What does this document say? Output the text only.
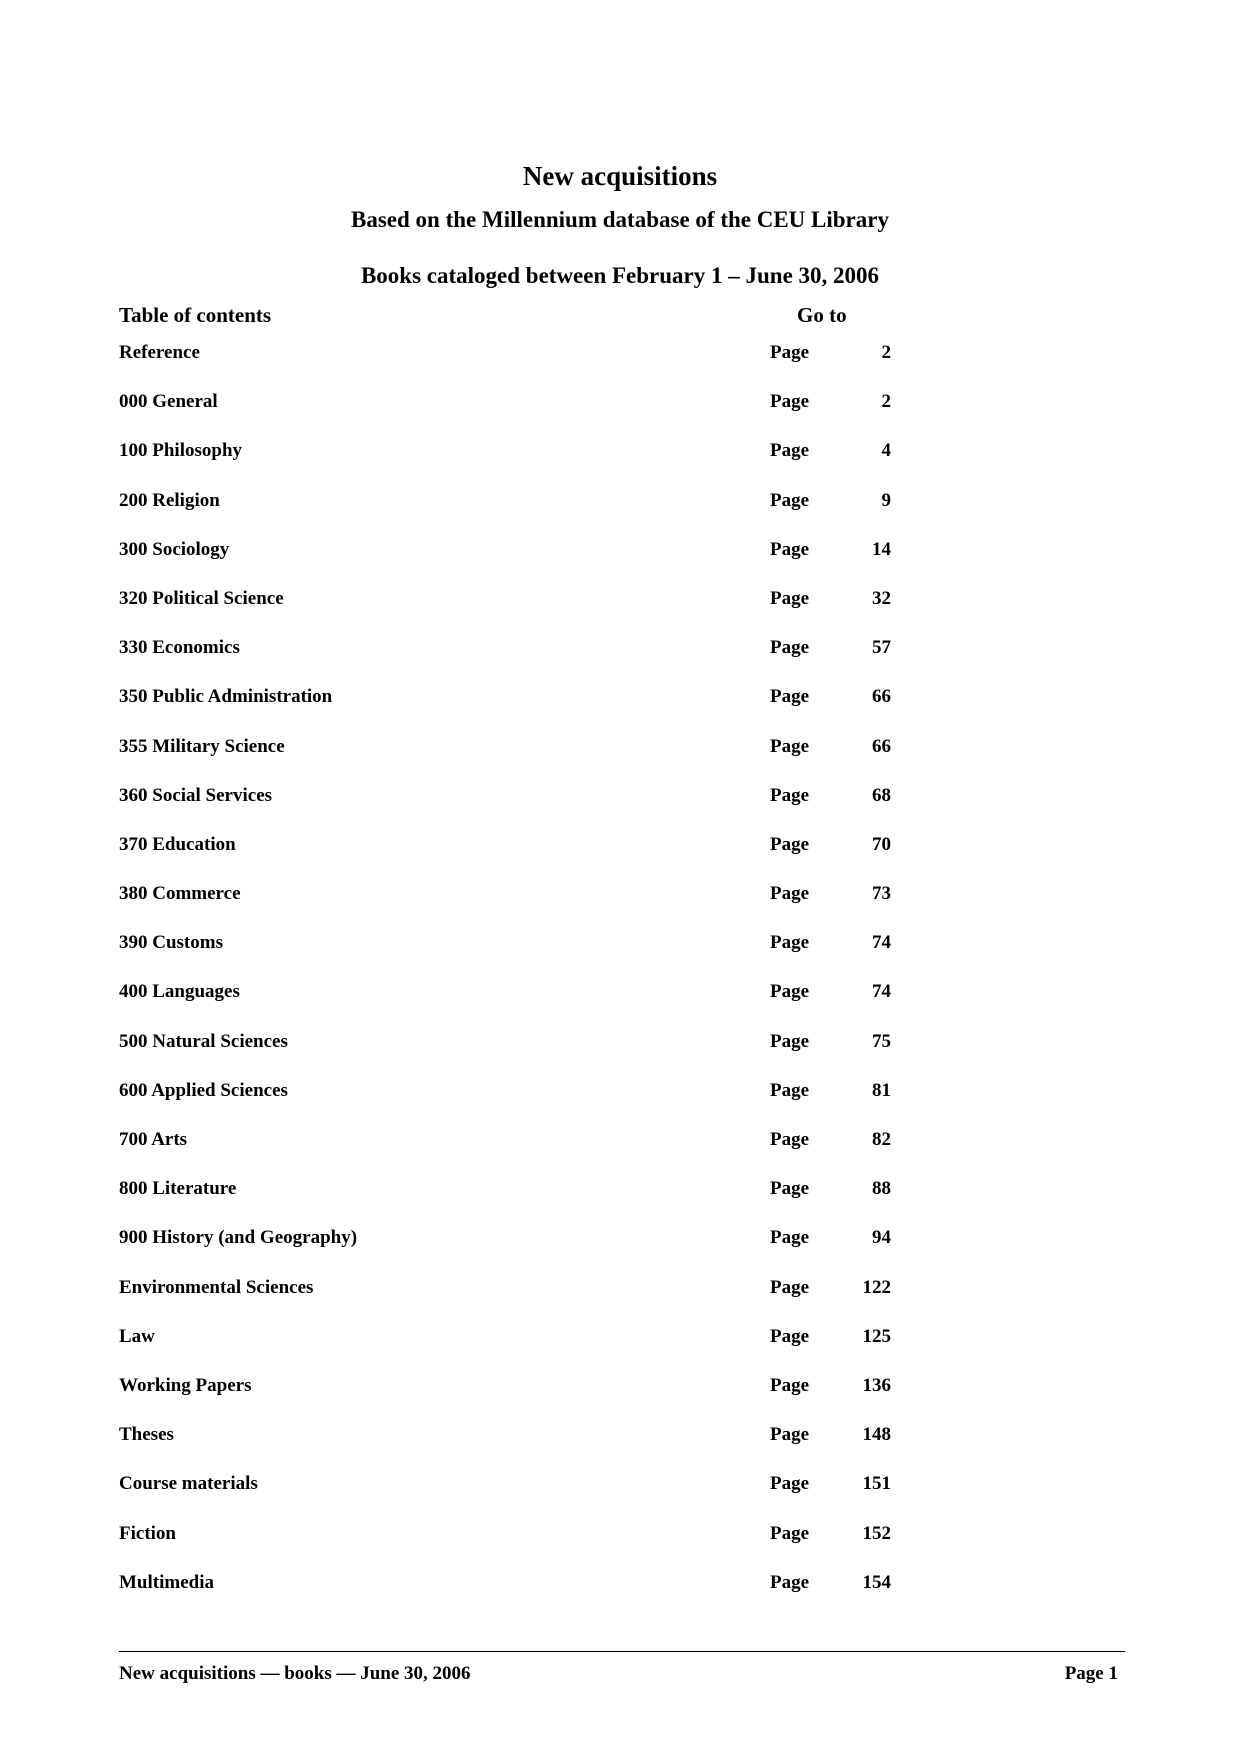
New acquisitions
Based on the Millennium database of the CEU Library
Books cataloged between February 1 – June 30, 2006
Table of contents	Go to
Reference	Page	2
000 General	Page	2
100 Philosophy	Page	4
200 Religion	Page	9
300 Sociology	Page	14
320 Political Science	Page	32
330 Economics	Page	57
350 Public Administration	Page	66
355 Military Science	Page	66
360 Social Services	Page	68
370 Education	Page	70
380 Commerce	Page	73
390 Customs	Page	74
400 Languages	Page	74
500 Natural Sciences	Page	75
600 Applied Sciences	Page	81
700 Arts	Page	82
800 Literature	Page	88
900 History (and Geography)	Page	94
Environmental Sciences	Page	122
Law	Page	125
Working Papers	Page	136
Theses	Page	148
Course materials	Page	151
Fiction	Page	152
Multimedia	Page	154
New acquisitions — books — June 30, 2006	Page 1
